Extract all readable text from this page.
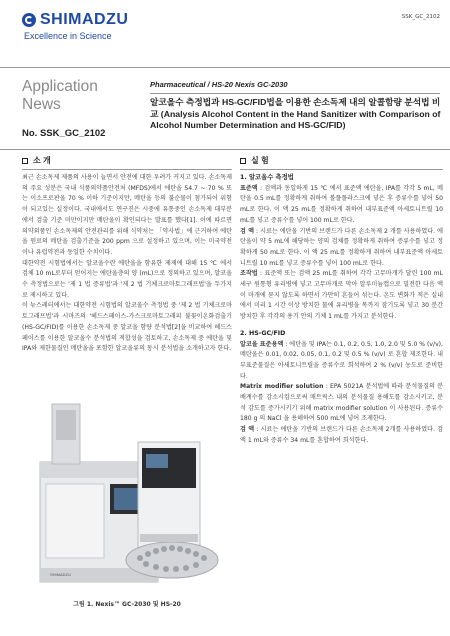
SSK_GC_2102
SHIMADZU
Excellence in Science
Application
News
No. SSK_GC_2102
Pharmaceutical / HS-20 Nexis GC-2030
알코올수 측정법과 HS-GC/FID법을 이용한 손소독제 내의 알콜함량 분석법 비교 (Analysis Alcohol Content in the Hand Sanitizer with Comparison of Alcohol Number Determination and HS-GC/FID)
소 개

최근 손소독제 제품의 사용이 늘면서 안전에 대한 우려가 커지고 있다. 손소독제의 주요 성분은 국내 식품의약품안전처 (MFDS)에서 에탄올 54.7 ~ 70 % 또는 이소프로판올 70 % 이하 기준이지만, 메탄올 등의 불순물이 첨가되어 위험이 되고있는 실정이다. 국내에서도 연구진은 시중에 유통중인 손소독제 대부분에서 검출 기준 미만이지만 메탄올이 확인되다는 발표를 했다[1]. 이에 따르면 의약외품인 손소독제의 안전관리를 위해 식약처는 「약사법」에 근거하여 에탄올 원료의 메탄올 검출기준을 200 ppm 으로 설정하고 있으며, 이는 미국약전이나 유럽약전과 동일한 수치이다.

대한약전 시험법에서는 알코올수란 에탄올을 함유한 제제에 대해 15 ℃ 에서 검체 10 mL로부터 얻어지는 에탄올층의 양 (mL)으로 정의하고 있으며, 알코올수 측정법으로는 '제 1 법 증류법'과 '제 2 법 기체크로마토그래프법'을 두가지로 제시하고 있다.

이 뉴스레터에서는 대한약전 시험법의 알코올수 측정법 중 '제 2 법 기체크로마토그래프법'과 시마즈의 '헤드스페이스-가스크로마토그래피 불꽃이온화검출기 (HS-GC/FID)를 이용한 손소독제 중 알코올 함량 분석법[2]을 비교하여 헤드스페이스를 이용한 알코올수 분석법의 적합성을 검토하고, 손소독제 중 에탄올 및 IPA와 제한물질인 메탄올을 포함한 알코올류의 동시 분석법을 소개하고자 한다.

SHIMADZU
그림 1. Nexis™ GC-2030 및 HS-20
실 험
1. 알코올수 측정법

표준액 : 검액과 동일하게 15 ℃ 에서 표준액 에탄올, IPA를 각각 5 mL, 메탄올 0.5 mL를 정확하게 취하여 볼플플라스크에 넣은 후 증류수를 넣어 50 mL로 한다. 이 액 25 mL를 정확하게 취하여 내부표준액 아세토니트릴 10 mL를 넣고 증류수를 넣어 100 mL로 한다.

검 액 : 시료는 에탄올 기반의 브랜드가 다른 손소독제 2 개를 사용하였다. 에탄올이 약 5 mL에 해당하는 양의 검체를 정확하게 취하여 증류수를 넣고 정확하게 50 mL로 한다. 이 액 25 mL를 정확하게 취하여 내부표준액 아세토니트릴 10 mL를 넣고 증류수를 넣어 100 mL로 한다.

조작법 : 표준액 또는 검액 25 mL를 취하여 각각 고무마개가 달린 100 mL 세구 원통형 유리병에 넣고 고무마개로 막아 알루미늄캡으로 밀전한 다음 액이 마개에 묻지 않도록 하면서 가만히 흔들어 섞는다. 온도 변화가 적은 실내에서 미리 1 시간 이상 방치한 물에 유리병을 목까지 잠기도록 넣고 30 분간 방치한 후 각각의 용기 안의 기체 1 mL를 가지고 분석한다.

2. HS-GC/FID

알코올 표준용액 : 에탄올 및 IPA는 0.1, 0.2, 0.5, 1.0, 2.0 및 5.0 % (v/v), 메탄올은 0.01, 0.02, 0.05, 0.1, 0.2 및 0.5 % (v/v) 로 혼합 제조한다. 내부표준물질은 아세토니트릴을 증류수로 희석하여 2 % (v/v) 농도로 준비한다.

Matrix modifier solution : EPA 5021A 분석법에 따라 분석물질의 분배계수를 감소시킴으로써 매트릭스 내의 분석물질 용해도를 감소시키고, 분석 감도를 증가시키기 위해 matrix modifier solution 이 사용된다. 증류수 180 g 의 NaCl 을 용해하여 500 mL에 넣어 조제한다.

검 액 : 시료는 에탄올 기반의 브랜드가 다른 손소독제 2개를 사용하였다. 검액 1 mL와 증류수 34 mL를 혼합하여 희석한다.
